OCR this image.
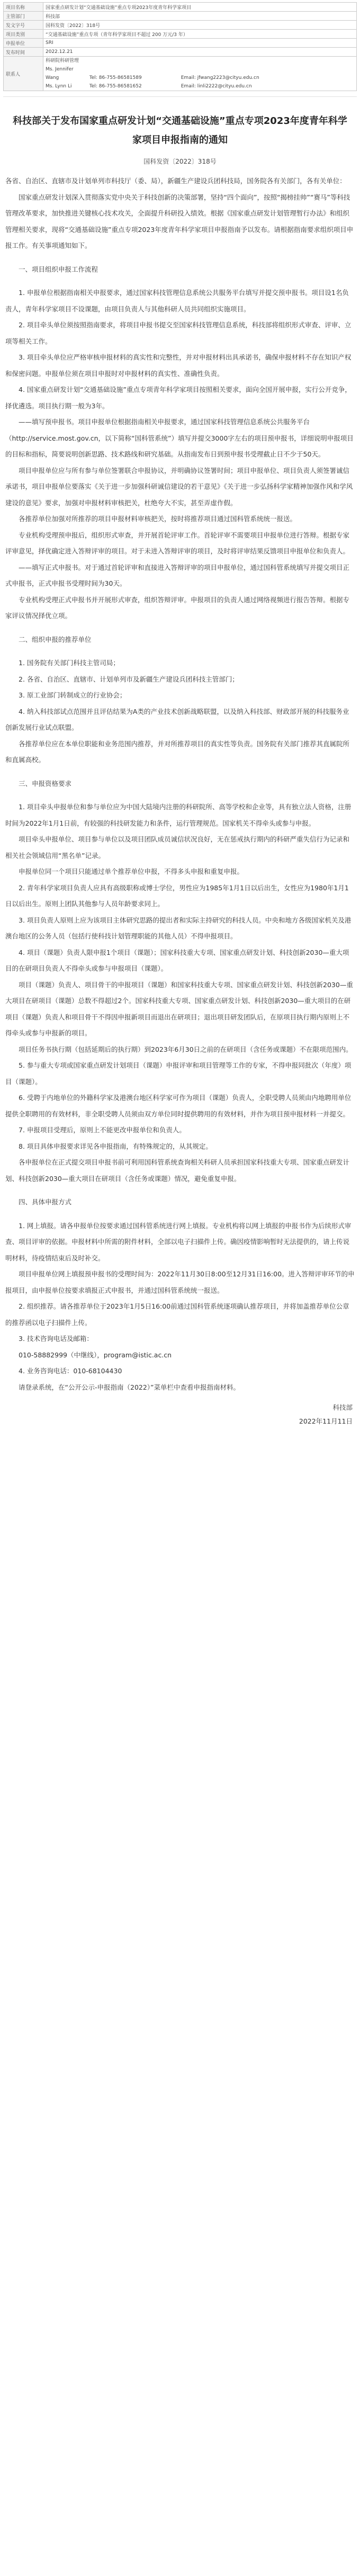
项目名称	国家重点研发计划“交通基础设施”重点专项2023年度青年科学家项目
主管部门	科技部
发文字号	国科发资〔2022〕318号
项目类别	“交通基础设施”重点专项（青年科学家项目不超过 200 万元/3 年）
申报单位	SRI
发布时间	2022.12.21
联系人	科研院科研管理
Ms. Jennifer Wang Tel: 86-755-86581589 Email: jfwang2223@cityu.edu.cn
Ms. Lynn Li Tel: 86-755-86581652 Email: linli2222@cityu.edu.cn
科技部关于发布国家重点研发计划“交通基础设施”重点专项2023年度青年科学家项目申报指南的通知
国科发资〔2022〕318号

各省、自治区、直辖市及计划单列市科技厅（委、局），新疆生产建设兵团科技局，国务院各有关部门，各有关单位：

国家重点研发计划深入贯彻落实党中央关于科技创新的决策部署，坚持“四个面向”，按照“揭榜挂帅”“赛马”等科技管理改革要求，加快推进关键核心技术攻关，全面提升科研投入绩效。根据《国家重点研发计划管理暂行办法》和组织管理相关要求，现将“交通基础设施”重点专项2023年度青年科学家项目申报指南予以发布。请根据指南要求组织项目申报工作。有关事项通知如下。

一、项目组织申报工作流程

1. 申报单位根据指南相关申报要求，通过国家科技管理信息系统公共服务平台填写并提交预申报书。项目设1名负责人，青年科学家项目不设课题，由项目负责人与其他科研人员共同组织实施项目。

2. 项目牵头单位须按照指南要求，将项目申报书提交至国家科技管理信息系统，科技部将组织形式审查、评审、立项等相关工作。

3. 项目牵头单位应严格审核申报材料的真实性和完整性，并对申报材料出具承诺书，确保申报材料不存在知识产权和保密问题。申报单位须在项目申报时对申报材料的真实性、准确性负责。

4. 国家重点研发计划“交通基础设施”重点专项青年科学家项目按照相关要求，面向全国开展申报，实行公开竞争，择优遴选。项目执行期一般为3年。

——填写预申报书。项目申报单位根据指南相关申报要求，通过国家科技管理信息系统公共服务平台（http://service.most.gov.cn，以下简称“国科管系统”）填写并提交3000字左右的项目预申报书，详细说明申报项目的目标和指标，简要说明创新思路、技术路线和研究基础。从指南发布日到预申报书受理截止日不少于50天。

项目申报单位应与所有参与单位签署联合申报协议，并明确协议签署时间；项目申报单位、项目负责人须签署诚信承诺书，项目申报单位要落实《关于进一步加强科研诚信建设的若干意见》《关于进一步弘扬科学家精神加强作风和学风建设的意见》要求，加强对申报材料审核把关，杜绝夸大不实，甚至弄虚作假。

各推荐单位加强对所推荐的项目申报材料审核把关，按时将推荐项目通过国科管系统统一报送。

专业机构受理预申报后，组织形式审查，并开展首轮评审工作。首轮评审不需要项目申报单位进行答辩。根据专家评审意见，择优确定进入答辩评审的项目。对于未进入答辩评审的项目，及时将评审结果反馈项目申报单位和负责人。

——填写正式申报书。对于通过首轮评审和直接进入答辩评审的项目申报单位，通过国科管系统填写并提交项目正式申报书，正式申报书受理时间为30天。

专业机构受理正式申报书并开展形式审查，组织答辩评审。申报项目的负责人通过网络视频进行报告答辩。根据专家评议情况择优立项。

二、组织申报的推荐单位

1. 国务院有关部门科技主管司局；

2. 各省、自治区、直辖市、计划单列市及新疆生产建设兵团科技主管部门；

3. 原工业部门转制成立的行业协会；

4. 纳入科技部试点范围并且评估结果为A类的产业技术创新战略联盟，以及纳入科技部、财政部开展的科技服务业创新发展行业试点联盟。

各推荐单位应在本单位职能和业务范围内推荐，并对所推荐项目的真实性等负责。国务院有关部门推荐其直属院所和直属高校。

三、申报资格要求

1. 项目牵头申报单位和参与单位应为中国大陆境内注册的科研院所、高等学校和企业等，具有独立法人资格，注册时间为2022年1月1日前，有较强的科技研发能力和条件，运行管理规范。国家机关不得牵头或参与申报。

项目牵头申报单位、项目参与单位以及项目团队成员诚信状况良好，无在惩戒执行期内的科研严重失信行为记录和相关社会领域信用“黑名单”记录。

申报单位同一个项目只能通过单个推荐单位申报，不得多头申报和重复申报。

2. 青年科学家项目负责人应具有高级职称或博士学位，男性应为1985年1月1日以后出生，女性应为1980年1月1日以后出生。原则上团队其他参与人员年龄要求同上。

3. 项目负责人原则上应为该项目主体研究思路的提出者和实际主持研究的科技人员。中央和地方各级国家机关及港澳台地区的公务人员（包括行使科技计划管理职能的其他人员）不得申报项目。

4. 项目（课题）负责人限申报1个项目（课题）；国家科技重大专项、国家重点研发计划、科技创新2030—重大项目的在研项目负责人不得牵头或参与申报项目（课题）。

项目（课题）负责人、项目骨干的申报项目（课题）和国家科技重大专项、国家重点研发计划、科技创新2030—重大项目在研项目（课题）总数不得超过2个。国家科技重大专项、国家重点研发计划、科技创新2030—重大项目的在研项目（课题）负责人和项目骨干不得因申报新项目而退出在研项目；退出项目研发团队后，在原项目执行期内原则上不得牵头或参与申报新的项目。

项目任务书执行期（包括延期后的执行期）到2023年6月30日之前的在研项目（含任务或课题）不在限项范围内。

5. 参与重大专项或国家重点研发计划项目（课题）申报评审和项目管理等工作的专家，不得申报同批次（年度）项目（课题）。

6. 受聘于内地单位的外籍科学家及港澳台地区科学家可作为项目（课题）负责人，全职受聘人员须由内地聘用单位提供全职聘用的有效材料，非全职受聘人员须由双方单位同时提供聘用的有效材料，并作为项目预申报材料一并提交。

7. 申报项目受理后，原则上不能更改申报单位和负责人。

8. 项目具体申报要求详见各申报指南，有特殊规定的，从其规定。

各申报单位在正式提交项目申报书前可利用国科管系统查询相关科研人员承担国家科技重大专项、国家重点研发计划、科技创新2030—重大项目在研项目（含任务或课题）情况，避免重复申报。

四、具体申报方式

1. 网上填报。请各申报单位按要求通过国科管系统进行网上填报。专业机构将以网上填报的申报书作为后续形式审查、项目评审的依据。申报材料中所需的附件材料，全部以电子扫描件上传。确因疫情影响暂时无法提供的，请上传说明材料，待疫情结束后及时补交。

项目申报单位网上填报预申报书的受理时间为：2022年11月30日8:00至12月31日16:00。进入答辩评审环节的申报项目，由申报单位按要求填报正式申报书，并通过国科管系统统一报送。

2. 组织推荐。请各推荐单位于2023年1月5日16:00前通过国科管系统逐项确认推荐项目，并将加盖推荐单位公章的推荐函以电子扫描件上传。

3. 技术咨询电话及邮箱：

010-58882999（中继线），program@istic.ac.cn

4. 业务咨询电话：010-68104430

请登录系统，在“公开公示-申报指南（2022）”菜单栏中查看申报指南材料。

科技部
2022年11月11日
